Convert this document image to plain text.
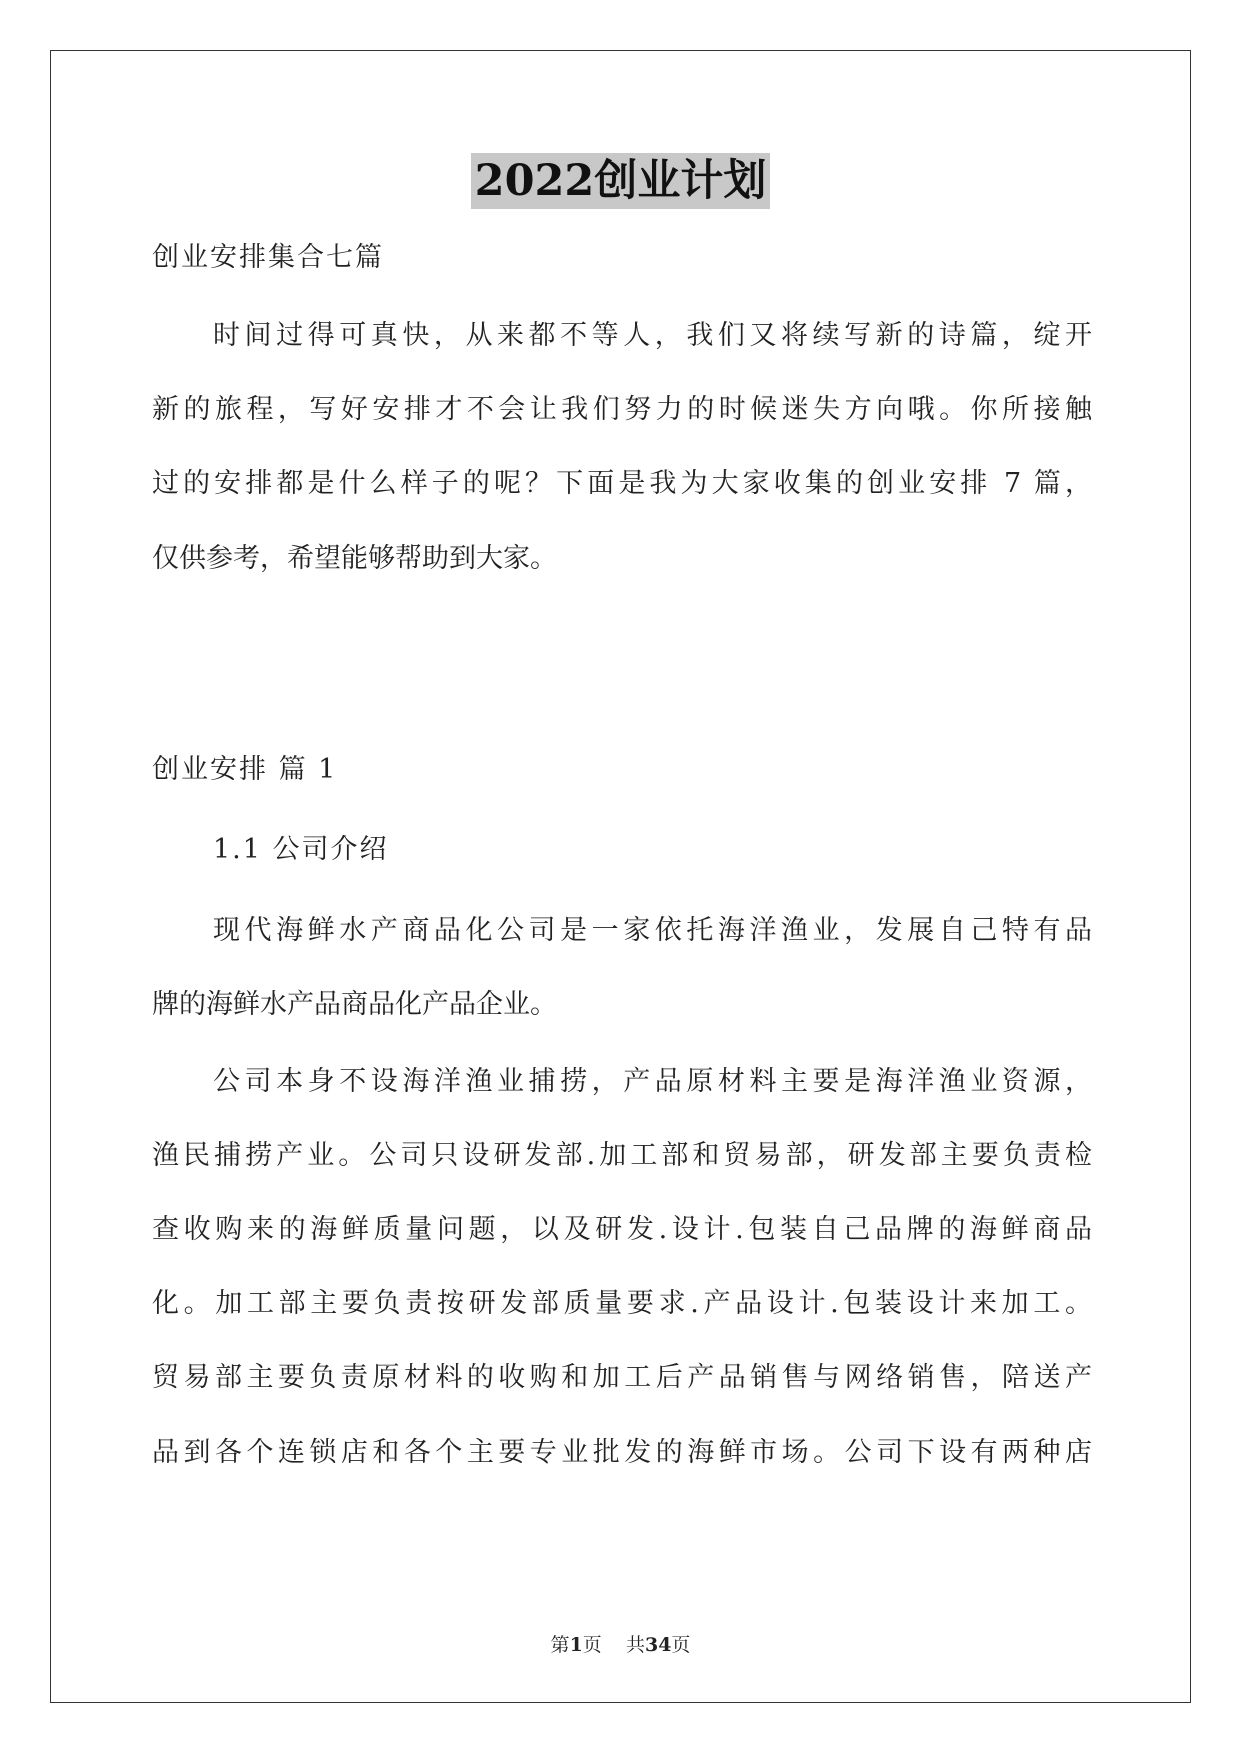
2022创业计划
创业安排集合七篇
时间过得可真快，从来都不等人，我们又将续写新的诗篇，绽开
新的旅程，写好安排才不会让我们努力的时候迷失方向哦。你所接触
过的安排都是什么样子的呢？下面是我为大家收集的创业安排 7 篇，
仅供参考，希望能够帮助到大家。
创业安排 篇 1
1.1 公司介绍
现代海鲜水产商品化公司是一家依托海洋渔业，发展自己特有品
牌的海鲜水产品商品化产品企业。
公司本身不设海洋渔业捕捞，产品原材料主要是海洋渔业资源，
渔民捕捞产业。公司只设研发部.加工部和贸易部，研发部主要负责检
查收购来的海鲜质量问题，以及研发.设计.包装自己品牌的海鲜商品
化。加工部主要负责按研发部质量要求.产品设计.包装设计来加工。
贸易部主要负责原材料的收购和加工后产品销售与网络销售，陪送产
品到各个连锁店和各个主要专业批发的海鲜市场。公司下设有两种店
第1页    共34页
